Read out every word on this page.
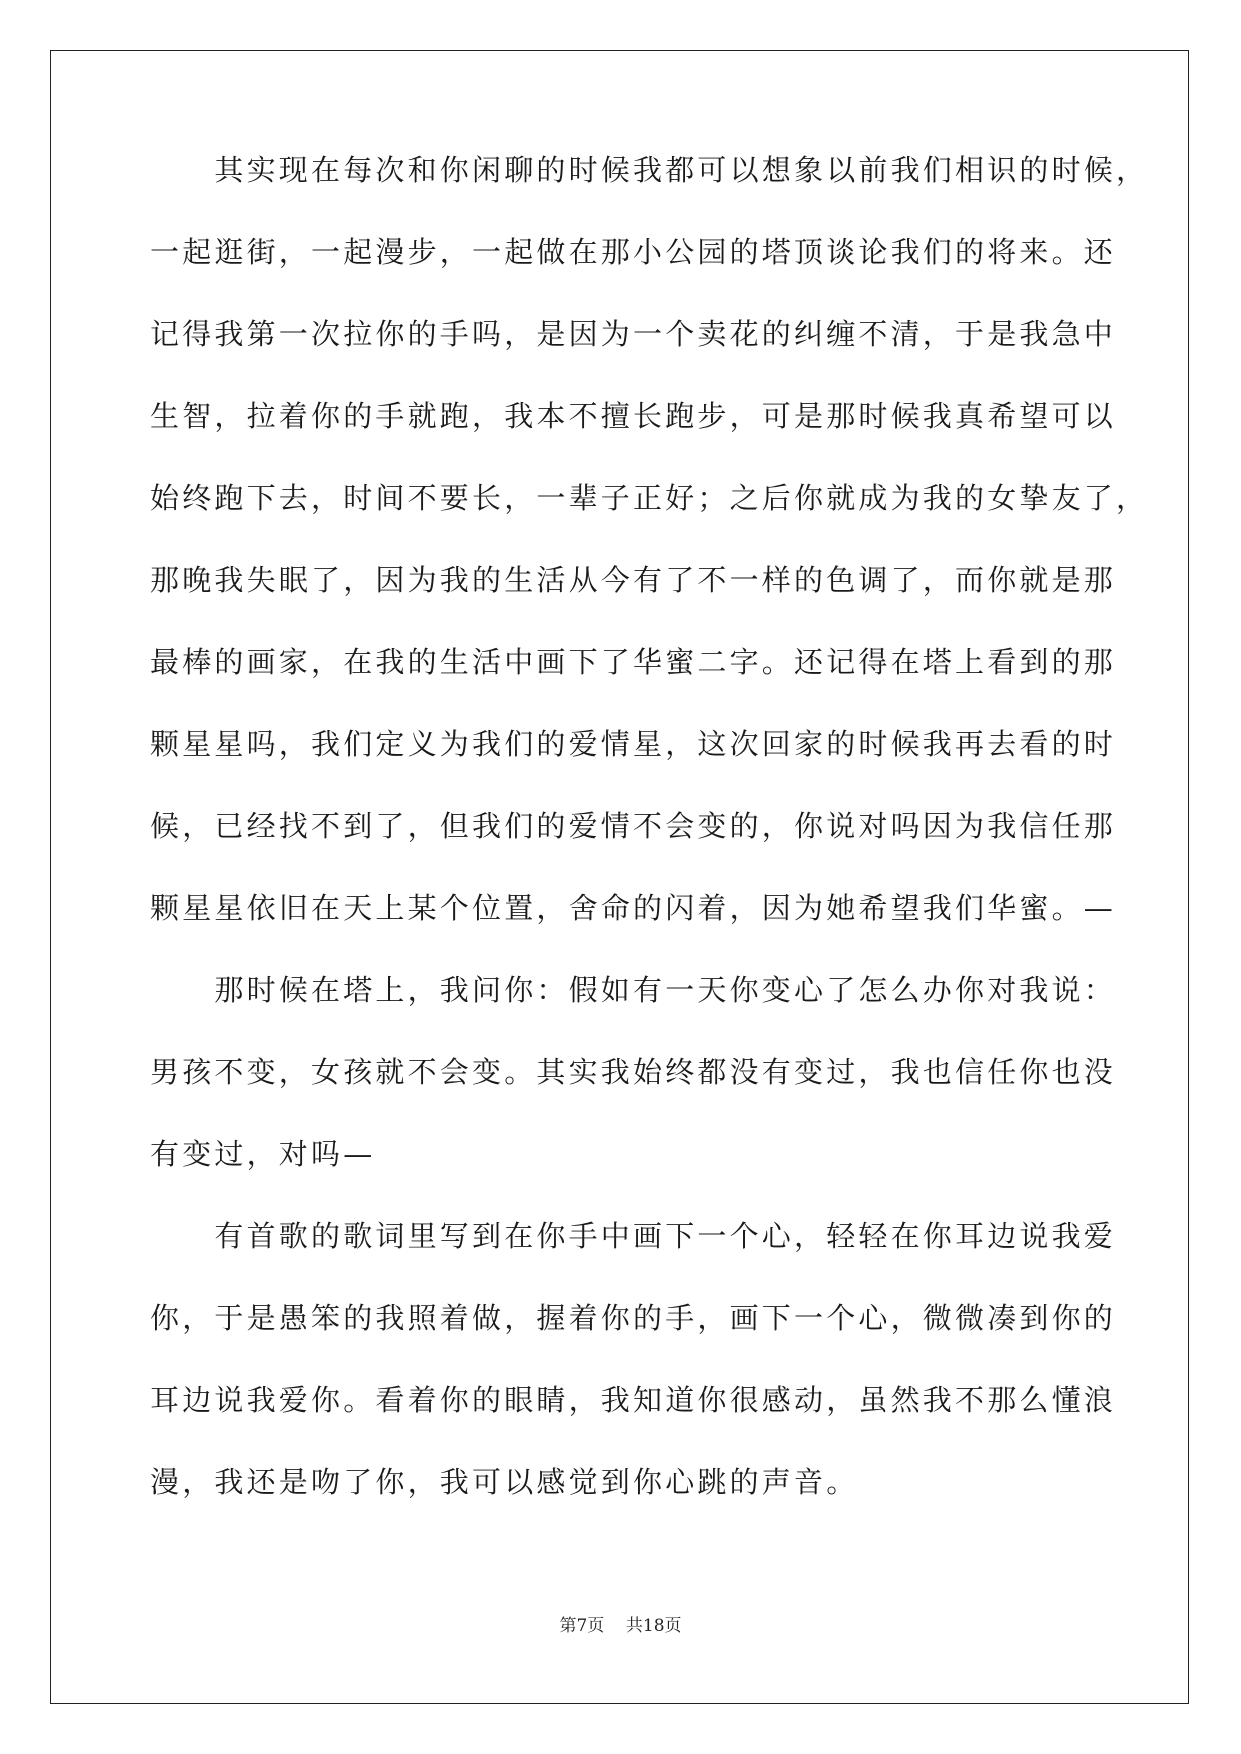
　　其实现在每次和你闲聊的时候我都可以想象以前我们相识的时候，
一起逛街，一起漫步，一起做在那小公园的塔顶谈论我们的将来。还
记得我第一次拉你的手吗，是因为一个卖花的纠缠不清，于是我急中
生智，拉着你的手就跑，我本不擅长跑步，可是那时候我真希望可以
始终跑下去，时间不要长，一辈子正好；之后你就成为我的女挚友了，
那晚我失眠了，因为我的生活从今有了不一样的色调了，而你就是那
最棒的画家，在我的生活中画下了华蜜二字。还记得在塔上看到的那
颗星星吗，我们定义为我们的爱情星，这次回家的时候我再去看的时
候，已经找不到了，但我们的爱情不会变的，你说对吗因为我信任那
颗星星依旧在天上某个位置，舍命的闪着，因为她希望我们华蜜。—
　　那时候在塔上，我问你：假如有一天你变心了怎么办你对我说：
男孩不变，女孩就不会变。其实我始终都没有变过，我也信任你也没
有变过，对吗—
　　有首歌的歌词里写到在你手中画下一个心，轻轻在你耳边说我爱
你，于是愚笨的我照着做，握着你的手，画下一个心，微微凑到你的
耳边说我爱你。看着你的眼睛，我知道你很感动，虽然我不那么懂浪
漫，我还是吻了你，我可以感觉到你心跳的声音。
第7页 共18页
